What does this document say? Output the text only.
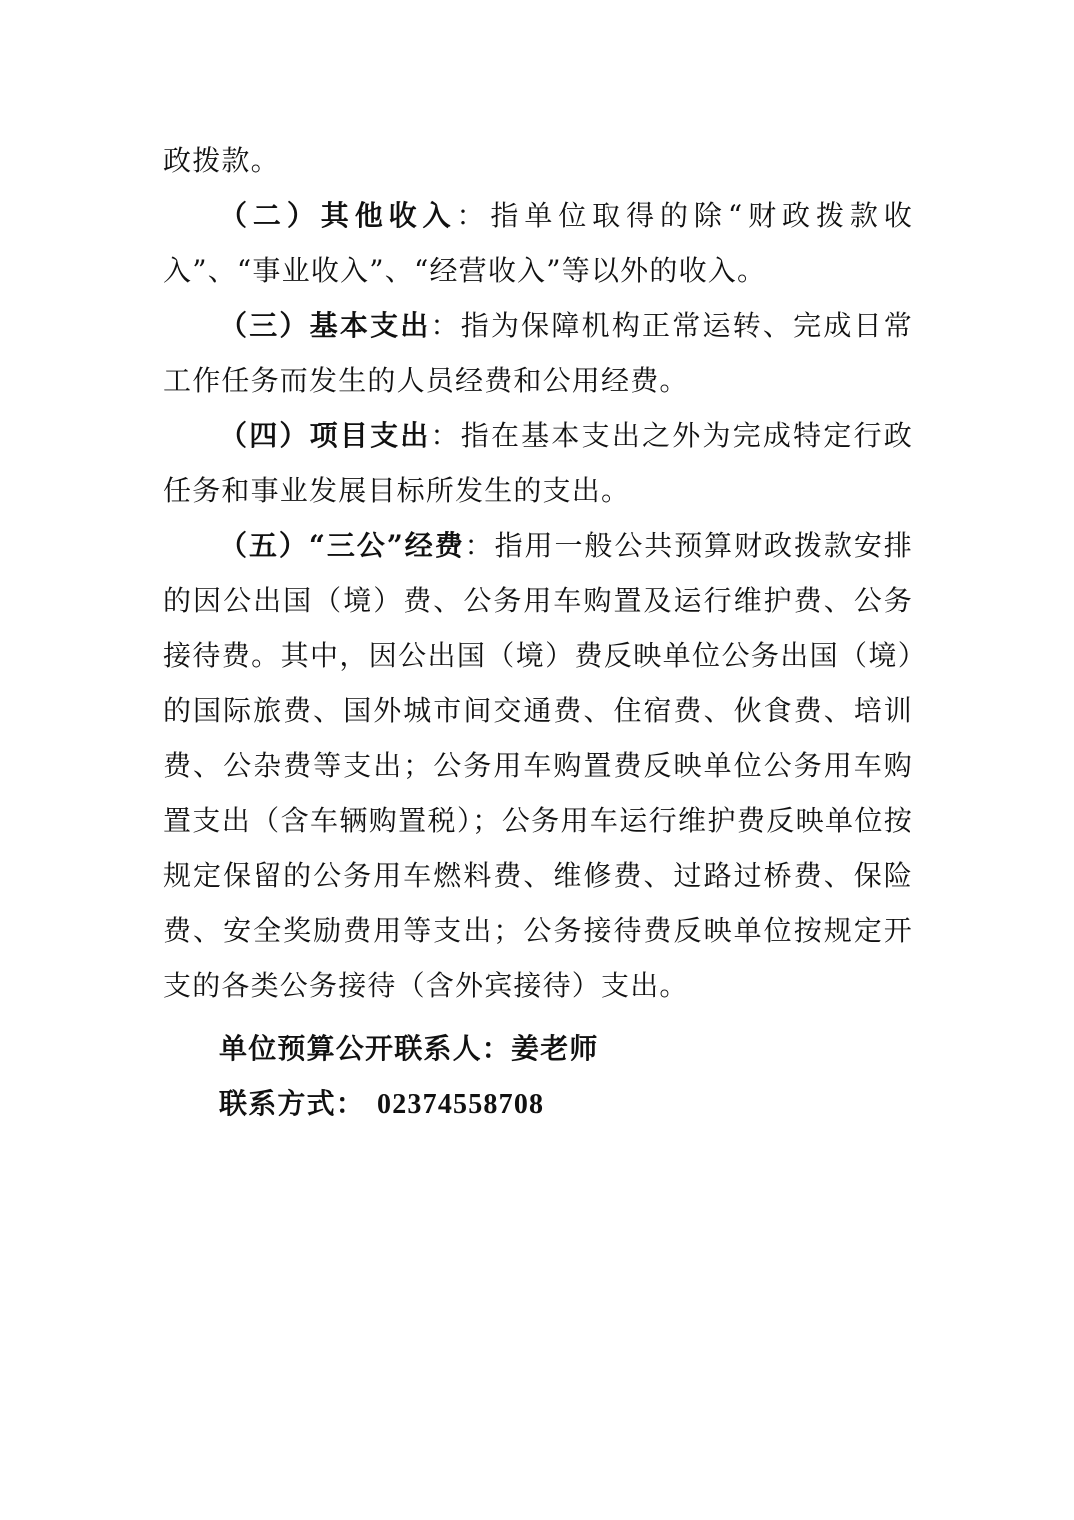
政拨款。

（二）其他收入：指单位取得的除“财政拨款收入”、“事业收入”、“经营收入”等以外的收入。

（三）基本支出：指为保障机构正常运转、完成日常工作任务而发生的人员经费和公用经费。

（四）项目支出：指在基本支出之外为完成特定行政任务和事业发展目标所发生的支出。

（五）“三公”经费：指用一般公共预算财政拨款安排的因公出国（境）费、公务用车购置及运行维护费、公务接待费。其中，因公出国（境）费反映单位公务出国（境）的国际旅费、国外城市间交通费、住宿费、伙食费、培训费、公杂费等支出；公务用车购置费反映单位公务用车购置支出（含车辆购置税）；公务用车运行维护费反映单位按规定保留的公务用车燃料费、维修费、过路过桥费、保险费、安全奖励费用等支出；公务接待费反映单位按规定开支的各类公务接待（含外宾接待）支出。

单位预算公开联系人：姜老师

联系方式： 02374558708
